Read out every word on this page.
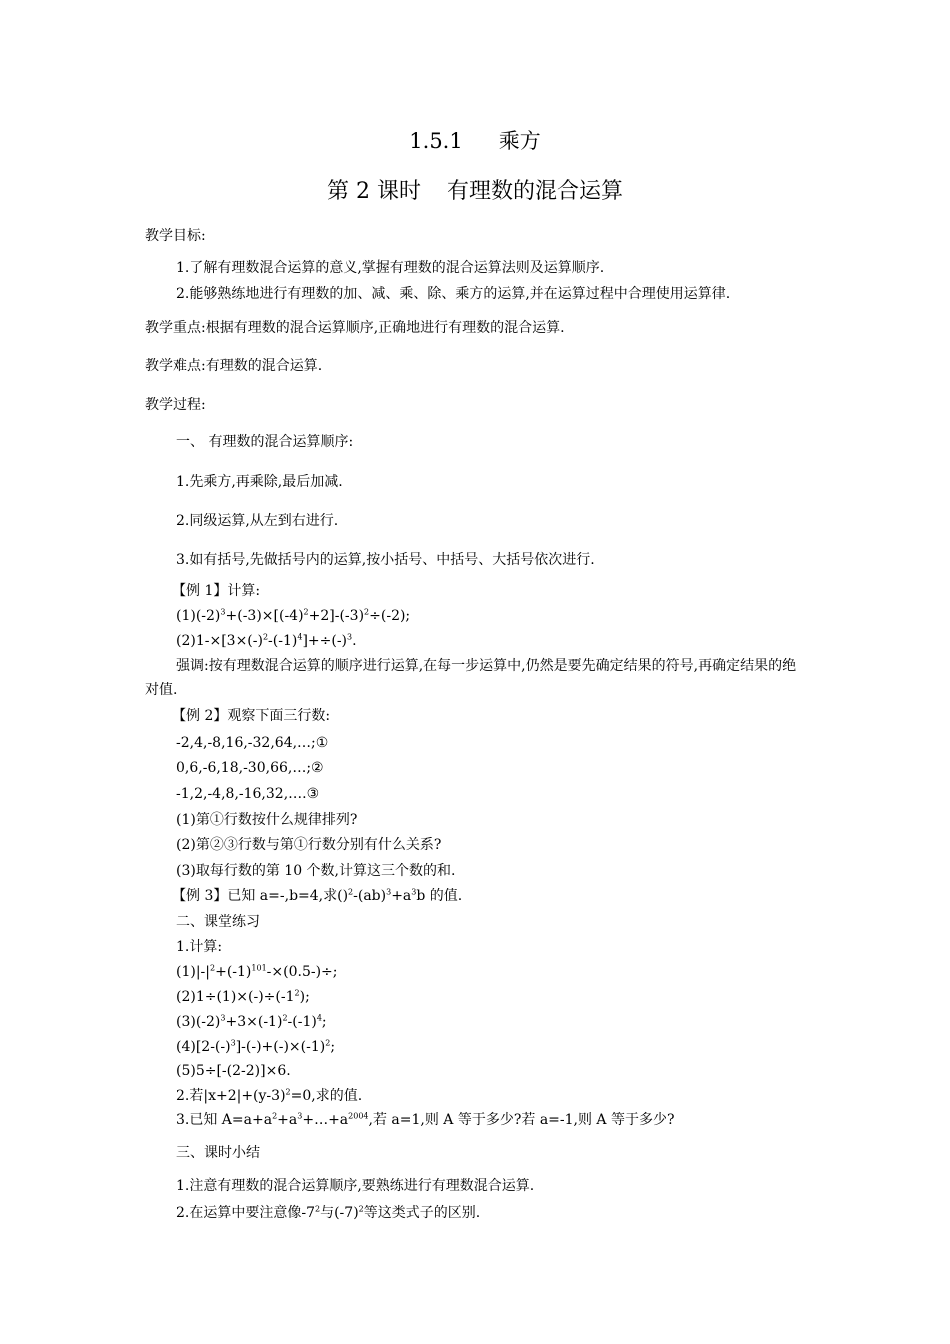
1.5.1 乘方
第 2 课时 有理数的混合运算
教学目标:
1.了解有理数混合运算的意义,掌握有理数的混合运算法则及运算顺序.
2.能够熟练地进行有理数的加、减、乘、除、乘方的运算,并在运算过程中合理使用运算律.
教学重点:根据有理数的混合运算顺序,正确地进行有理数的混合运算.
教学难点:有理数的混合运算.
教学过程:
一、 有理数的混合运算顺序:
1.先乘方,再乘除,最后加减.
2.同级运算,从左到右进行.
3.如有括号,先做括号内的运算,按小括号、中括号、大括号依次进行.
【例 1】计算:
$(1)(-2)^3+(-3)\times[(-4)^2+2]-(-3)^2\div(-2)$;
$(2)1-\times[3\times(-)^2-(-1)^4]+\div(-)^3$.
强调:按有理数混合运算的顺序进行运算,在每一步运算中,仍然是要先确定结果的符号,再确定结果的绝对值.
【例 2】观察下面三行数:
-2,4,-8,16,-32,64,…;①
0,6,-6,18,-30,66,…;②
-1,2,-4,8,-16,32,….③
(1)第①行数按什么规律排列?
(2)第②③行数与第①行数分别有什么关系?
(3)取每行数的第 10 个数,计算这三个数的和.
【例 3】已知 a=-,b=4,求$()^2-(ab)^3+a^3b$ 的值.
二、课堂练习
1.计算:
$(1)|-|^2+(-1)^{101}-\times(0.5-)\div$;
$(2)1\div(1)\times(-)\div(-1^2)$;
$(3)(-2)^3+3\times(-1)^2-(-1)^4$;
$(4)[2-(-)^3]-(-)+(-)\times(-1)^2$;
(5)5÷[-(2-2)]×6.
2.若$|x+2|+(y-3)^2=0$,求的值.
3.已知 $A=a+a^2+a^3+\dots+a^{2004}$,若 a=1,则 A 等于多少?若 a=-1,则 A 等于多少?
三、课时小结
1.注意有理数的混合运算顺序,要熟练进行有理数混合运算.
2.在运算中要注意像$-7^2$与$(-7)^2$等这类式子的区别.
